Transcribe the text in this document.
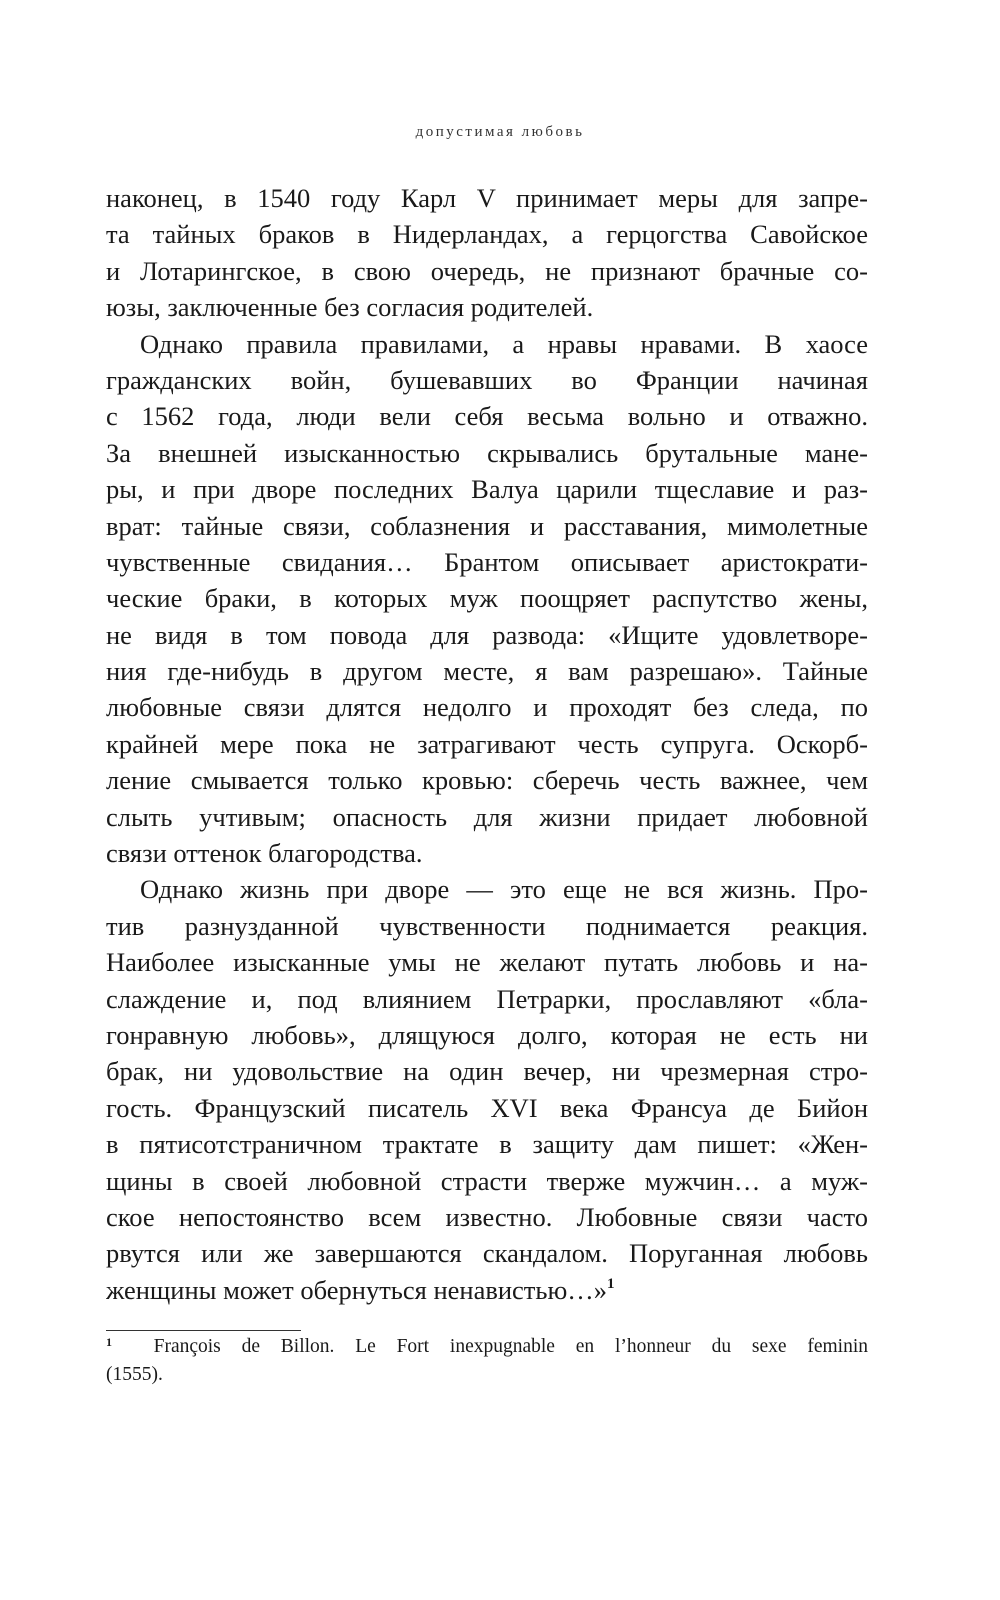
допустимая любовь
наконец, в 1540 году Карл V принимает меры для запре-
та тайных браков в Нидерландах, а герцогства Савойское
и Лотарингское, в свою очередь, не признают брачные со-
юзы, заключенные без согласия родителей.
Однако правила правилами, а нравы нравами. В хаосе
гражданских войн, бушевавших во Франции начиная
с 1562 года, люди вели себя весьма вольно и отважно.
За внешней изысканностью скрывались брутальные мане-
ры, и при дворе последних Валуа царили тщеславие и раз-
врат: тайные связи, соблазнения и расставания, мимолетные
чувственные свидания… Брантом описывает аристократи-
ческие браки, в которых муж поощряет распутство жены,
не видя в том повода для развода: «Ищите удовлетворе-
ния где-нибудь в другом месте, я вам разрешаю». Тайные
любовные связи длятся недолго и проходят без следа, по
крайней мере пока не затрагивают честь супруга. Оскорб-
ление смывается только кровью: сберечь честь важнее, чем
слыть учтивым; опасность для жизни придает любовной
связи оттенок благородства.
Однако жизнь при дворе — это еще не вся жизнь. Про-
тив разнузданной чувственности поднимается реакция.
Наиболее изысканные умы не желают путать любовь и на-
слаждение и, под влиянием Петрарки, прославляют «бла-
гонравную любовь», длящуюся долго, которая не есть ни
брак, ни удовольствие на один вечер, ни чрезмерная стро-
гость. Французский писатель XVI века Франсуа де Бийон
в пятисотстраничном трактате в защиту дам пишет: «Жен-
щины в своей любовной страсти тверже мужчин… а муж-
ское непостоянство всем известно. Любовные связи часто
рвутся или же завершаются скандалом. Поруганная любовь
женщины может обернуться ненавистью…»$^1$
$^1$ François de Billon. Le Fort inexpugnable en l’honneur du sexe feminin
(1555).
